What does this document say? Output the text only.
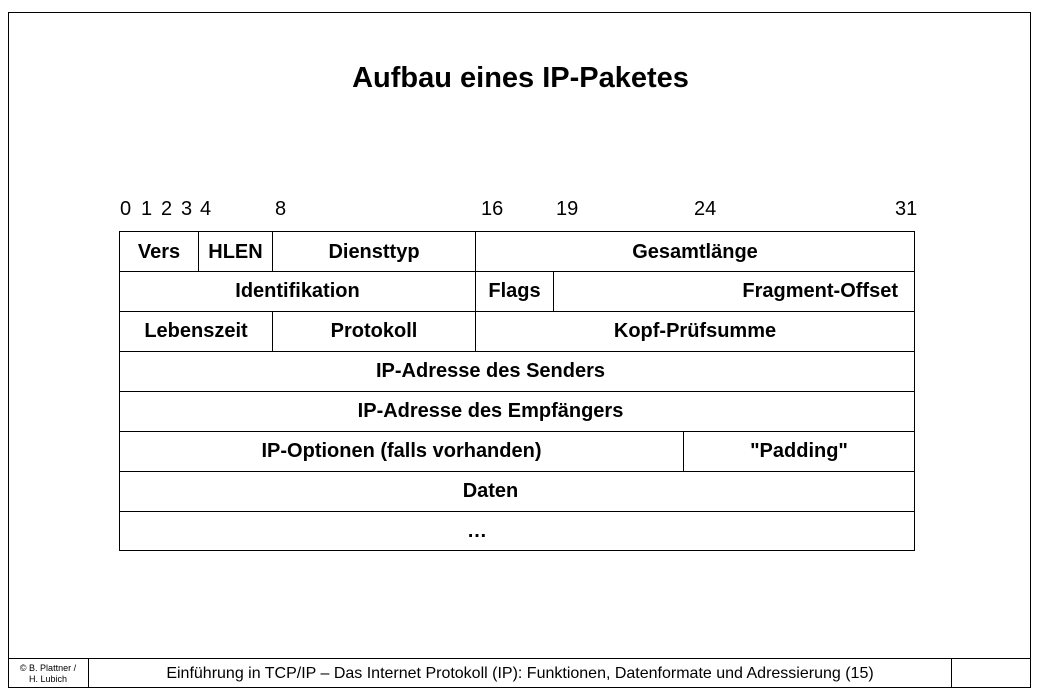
Aufbau eines IP-Paketes
0 1 2 3 4	8	16	19	24	31
Vers	HLEN	Diensttyp	Gesamtlänge
Identifikation	Flags	Fragment-Offset
Lebenszeit	Protokoll	Kopf-Prüfsumme
IP-Adresse des Senders
IP-Adresse des Empfängers
IP-Optionen (falls vorhanden)	"Padding"
Daten
…
© B. Plattner /
H. Lubich	Einführung in TCP/IP – Das Internet Protokoll (IP): Funktionen, Datenformate und Adressierung (15)
